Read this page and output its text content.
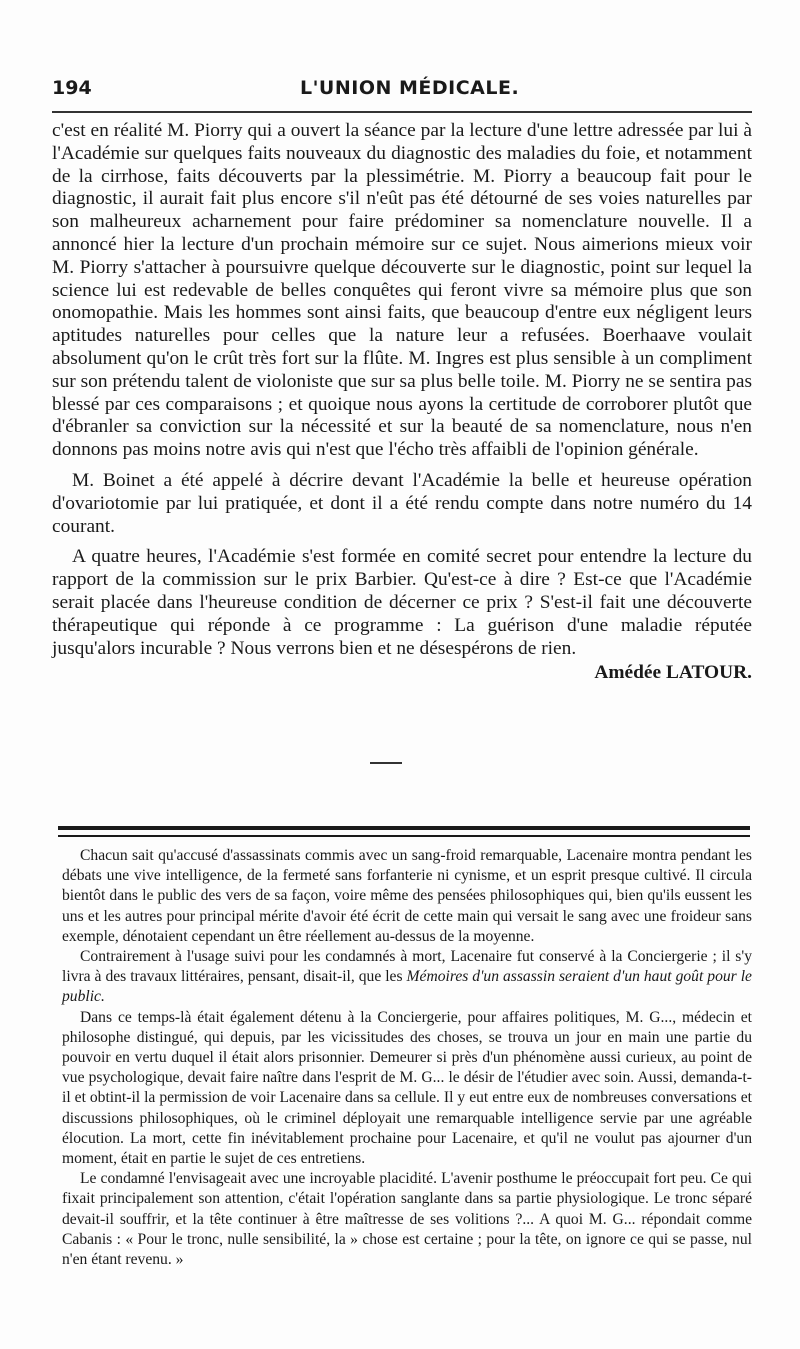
194	L'UNION MÉDICALE.

c'est en réalité M. Piorry qui a ouvert la séance par la lecture d'une lettre adressée par lui à l'Académie sur quelques faits nouveaux du diagnostic des maladies du foie, et notamment de la cirrhose, faits découverts par la plessimétrie. M. Piorry a beaucoup fait pour le diagnostic, il aurait fait plus encore s'il n'eût pas été détourné de ses voies naturelles par son malheureux acharnement pour faire prédominer sa nomenclature nouvelle. Il a annoncé hier la lecture d'un prochain mémoire sur ce sujet. Nous aimerions mieux voir M. Piorry s'attacher à poursuivre quelque découverte sur le diagnostic, point sur lequel la science lui est redevable de belles conquêtes qui feront vivre sa mémoire plus que son onomopathie. Mais les hommes sont ainsi faits, que beaucoup d'entre eux négligent leurs aptitudes naturelles pour celles que la nature leur a refusées. Boerhaave voulait absolument qu'on le crût très fort sur la flûte. M. Ingres est plus sensible à un compliment sur son prétendu talent de violoniste que sur sa plus belle toile. M. Piorry ne se sentira pas blessé par ces comparaisons ; et quoique nous ayons la certitude de corroborer plutôt que d'ébranler sa conviction sur la nécessité et sur la beauté de sa nomenclature, nous n'en donnons pas moins notre avis qui n'est que l'écho très affaibli de l'opinion générale.

M. Boinet a été appelé à décrire devant l'Académie la belle et heureuse opération d'ovariotomie par lui pratiquée, et dont il a été rendu compte dans notre numéro du 14 courant.

A quatre heures, l'Académie s'est formée en comité secret pour entendre la lecture du rapport de la commission sur le prix Barbier. Qu'est-ce à dire ? Est-ce que l'Académie serait placée dans l'heureuse condition de décerner ce prix ? S'est-il fait une découverte thérapeutique qui réponde à ce programme : La guérison d'une maladie réputée jusqu'alors incurable ? Nous verrons bien et ne désespérons de rien.

Amédée LATOUR.

Chacun sait qu'accusé d'assassinats commis avec un sang-froid remarquable, Lacenaire montra pendant les débats une vive intelligence, de la fermeté sans forfanterie ni cynisme, et un esprit presque cultivé. Il circula bientôt dans le public des vers de sa façon, voire même des pensées philosophiques qui, bien qu'ils eussent les uns et les autres pour principal mérite d'avoir été écrit de cette main qui versait le sang avec une froideur sans exemple, dénotaient cependant un être réellement au-dessus de la moyenne.

Contrairement à l'usage suivi pour les condamnés à mort, Lacenaire fut conservé à la Conciergerie ; il s'y livra à des travaux littéraires, pensant, disait-il, que les Mémoires d'un assassin seraient d'un haut goût pour le public.

Dans ce temps-là était également détenu à la Conciergerie, pour affaires politiques, M. G..., médecin et philosophe distingué, qui depuis, par les vicissitudes des choses, se trouva un jour en main une partie du pouvoir en vertu duquel il était alors prisonnier. Demeurer si près d'un phénomène aussi curieux, au point de vue psychologique, devait faire naître dans l'esprit de M. G... le désir de l'étudier avec soin. Aussi, demanda-t-il et obtint-il la permission de voir Lacenaire dans sa cellule. Il y eut entre eux de nombreuses conversations et discussions philosophiques, où le criminel déployait une remarquable intelligence servie par une agréable élocution. La mort, cette fin inévitablement prochaine pour Lacenaire, et qu'il ne voulut pas ajourner d'un moment, était en partie le sujet de ces entretiens.

Le condamné l'envisageait avec une incroyable placidité. L'avenir posthume le préoccupait fort peu. Ce qui fixait principalement son attention, c'était l'opération sanglante dans sa partie physiologique. Le tronc séparé devait-il souffrir, et la tête continuer à être maîtresse de ses volitions ?... A quoi M. G... répondait comme Cabanis : « Pour le tronc, nulle sensibilité, la » chose est certaine ; pour la tête, on ignore ce qui se passe, nul n'en étant revenu. »
